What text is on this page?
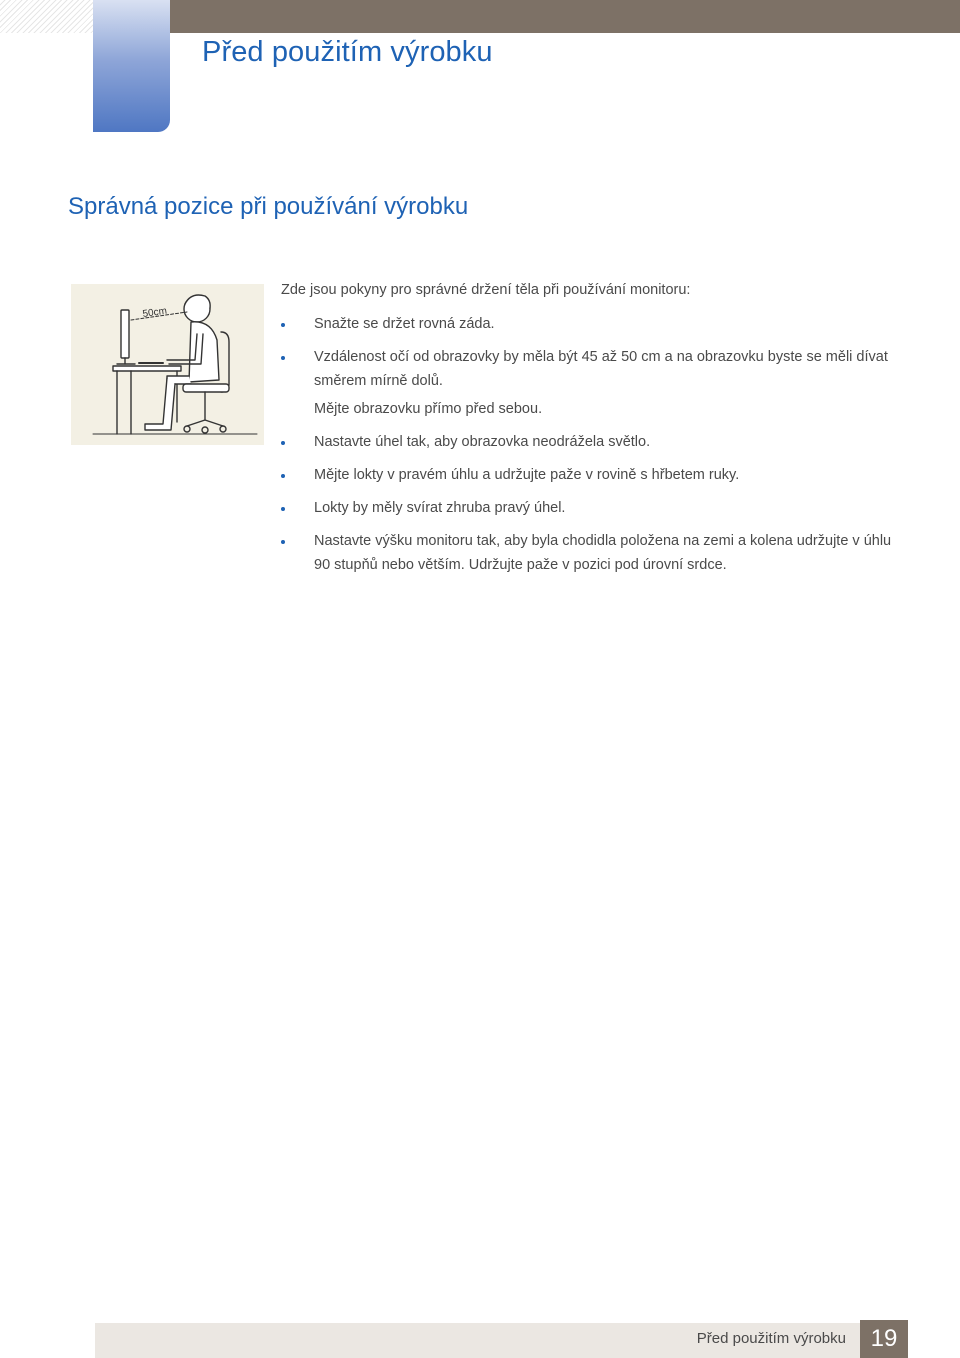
Před použitím výrobku
Správná pozice při používání výrobku
50cm

Zde jsou pokyny pro správné držení těla při používání monitoru:

Snažte se držet rovná záda.
Vzdálenost očí od obrazovky by měla být 45 až 50 cm a na obrazovku byste se měli dívat směrem mírně dolů.
Mějte obrazovku přímo před sebou.
Nastavte úhel tak, aby obrazovka neodrážela světlo.
Mějte lokty v pravém úhlu a udržujte paže v rovině s hřbetem ruky.
Lokty by měly svírat zhruba pravý úhel.
Nastavte výšku monitoru tak, aby byla chodidla položena na zemi a kolena udržujte v úhlu 90 stupňů nebo větším. Udržujte paže v pozici pod úrovní srdce.

Před použitím výrobku	19
